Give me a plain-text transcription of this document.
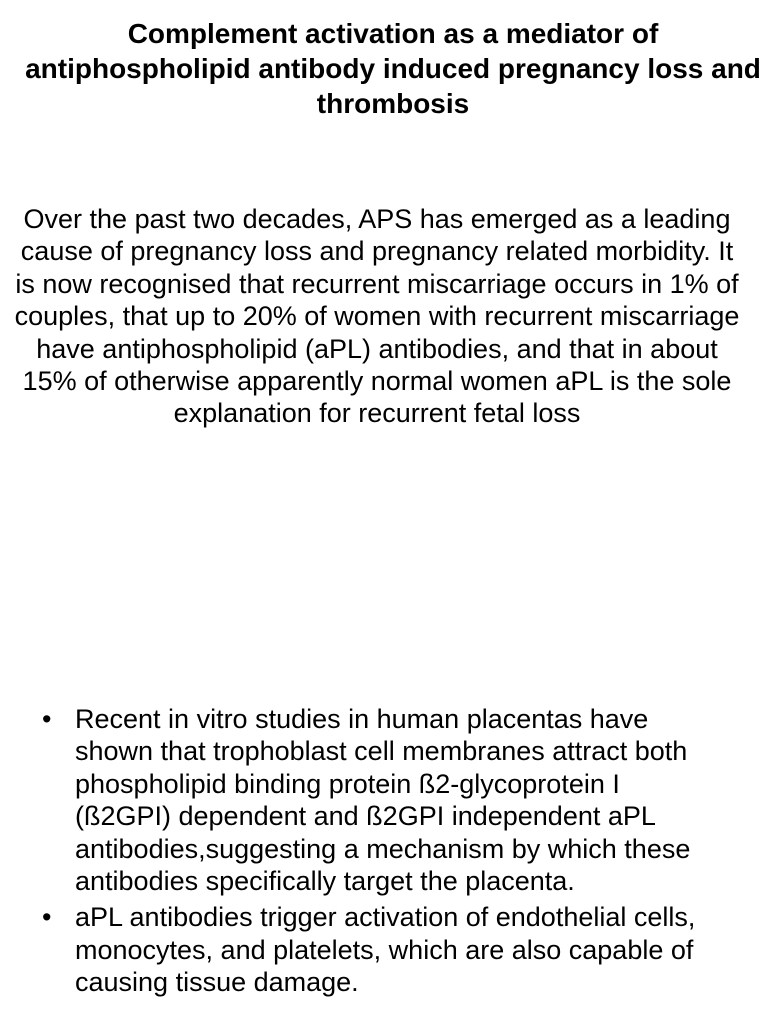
Complement activation as a mediator of antiphospholipid antibody induced pregnancy loss and thrombosis

Over the past two decades, APS has emerged as a leading cause of pregnancy loss and pregnancy related morbidity. It is now recognised that recurrent miscarriage occurs in 1% of couples, that up to 20% of women with recurrent miscarriage have antiphospholipid (aPL) antibodies, and that in about 15% of otherwise apparently normal women aPL is the sole explanation for recurrent fetal loss

• Recent in vitro studies in human placentas have shown that trophoblast cell membranes attract both phospholipid binding protein ß2-glycoprotein I (ß2GPI) dependent and ß2GPI independent aPL antibodies,suggesting a mechanism by which these antibodies specifically target the placenta.
• aPL antibodies trigger activation of endothelial cells, monocytes, and platelets, which are also capable of causing tissue damage.
